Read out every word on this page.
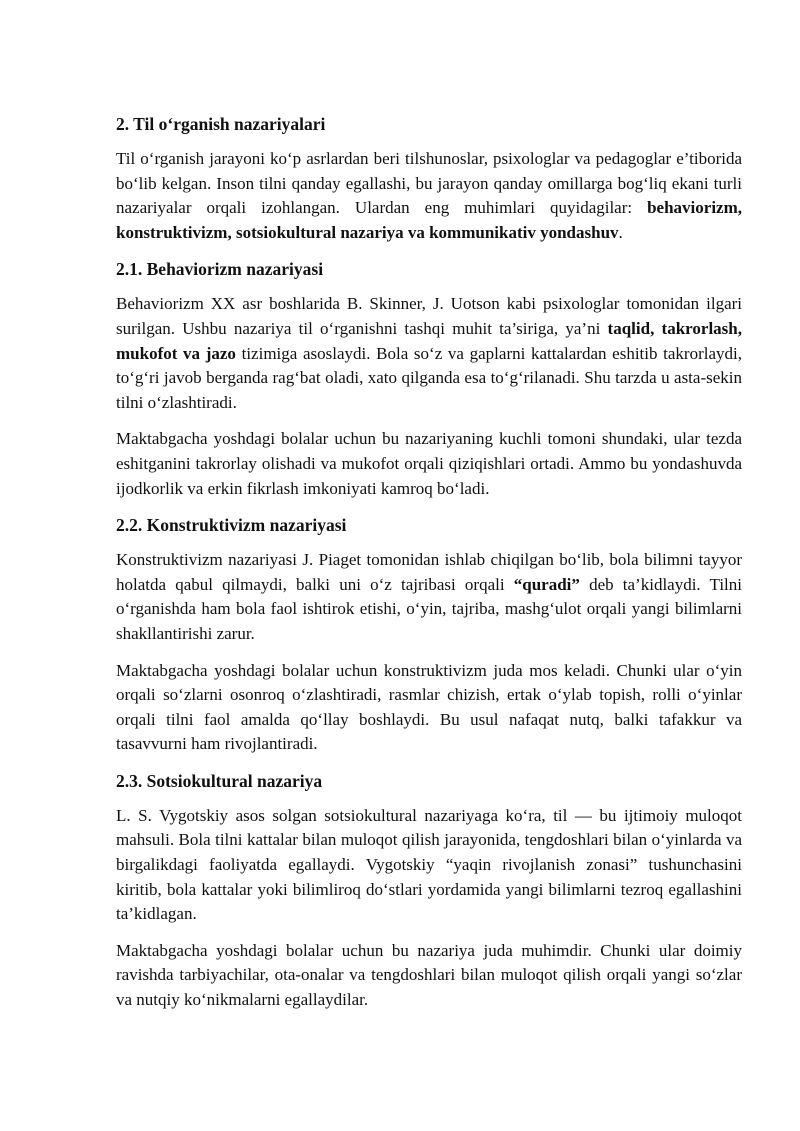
2. Til o‘rganish nazariyalari

Til o‘rganish jarayoni ko‘p asrlardan beri tilshunoslar, psixologlar va pedagoglar e’tiborida bo‘lib kelgan. Inson tilni qanday egallashi, bu jarayon qanday omillarga bog‘liq ekani turli nazariyalar orqali izohlangan. Ulardan eng muhimlari quyidagilar: behaviorizm, konstruktivizm, sotsiokultural nazariya va kommunikativ yondashuv.

2.1. Behaviorizm nazariyasi

Behaviorizm XX asr boshlarida B. Skinner, J. Uotson kabi psixologlar tomonidan ilgari surilgan. Ushbu nazariya til o‘rganishni tashqi muhit ta’siriga, ya’ni taqlid, takrorlash, mukofot va jazo tizimiga asoslaydi. Bola so‘z va gaplarni kattalardan eshitib takrorlaydi, to‘g‘ri javob berganda rag‘bat oladi, xato qilganda esa to‘g‘rilanadi. Shu tarzda u asta-sekin tilni o‘zlashtiradi.

Maktabgacha yoshdagi bolalar uchun bu nazariyaning kuchli tomoni shundaki, ular tezda eshitganini takrorlay olishadi va mukofot orqali qiziqishlari ortadi. Ammo bu yondashuvda ijodkorlik va erkin fikrlash imkoniyati kamroq bo‘ladi.

2.2. Konstruktivizm nazariyasi

Konstruktivizm nazariyasi J. Piaget tomonidan ishlab chiqilgan bo‘lib, bola bilimni tayyor holatda qabul qilmaydi, balki uni o‘z tajribasi orqali “quradi” deb ta’kidlaydi. Tilni o‘rganishda ham bola faol ishtirok etishi, o‘yin, tajriba, mashg‘ulot orqali yangi bilimlarni shakllantirishi zarur.

Maktabgacha yoshdagi bolalar uchun konstruktivizm juda mos keladi. Chunki ular o‘yin orqali so‘zlarni osonroq o‘zlashtiradi, rasmlar chizish, ertak o‘ylab topish, rolli o‘yinlar orqali tilni faol amalda qo‘llay boshlaydi. Bu usul nafaqat nutq, balki tafakkur va tasavvurni ham rivojlantiradi.

2.3. Sotsiokultural nazariya

L. S. Vygotskiy asos solgan sotsiokultural nazariyaga ko‘ra, til — bu ijtimoiy muloqot mahsuli. Bola tilni kattalar bilan muloqot qilish jarayonida, tengdoshlari bilan o‘yinlarda va birgalikdagi faoliyatda egallaydi. Vygotskiy “yaqin rivojlanish zonasi” tushunchasini kiritib, bola kattalar yoki bilimliroq do‘stlari yordamida yangi bilimlarni tezroq egallashini ta’kidlagan.

Maktabgacha yoshdagi bolalar uchun bu nazariya juda muhimdir. Chunki ular doimiy ravishda tarbiyachilar, ota-onalar va tengdoshlari bilan muloqot qilish orqali yangi so‘zlar va nutqiy ko‘nikmalarni egallaydilar.
